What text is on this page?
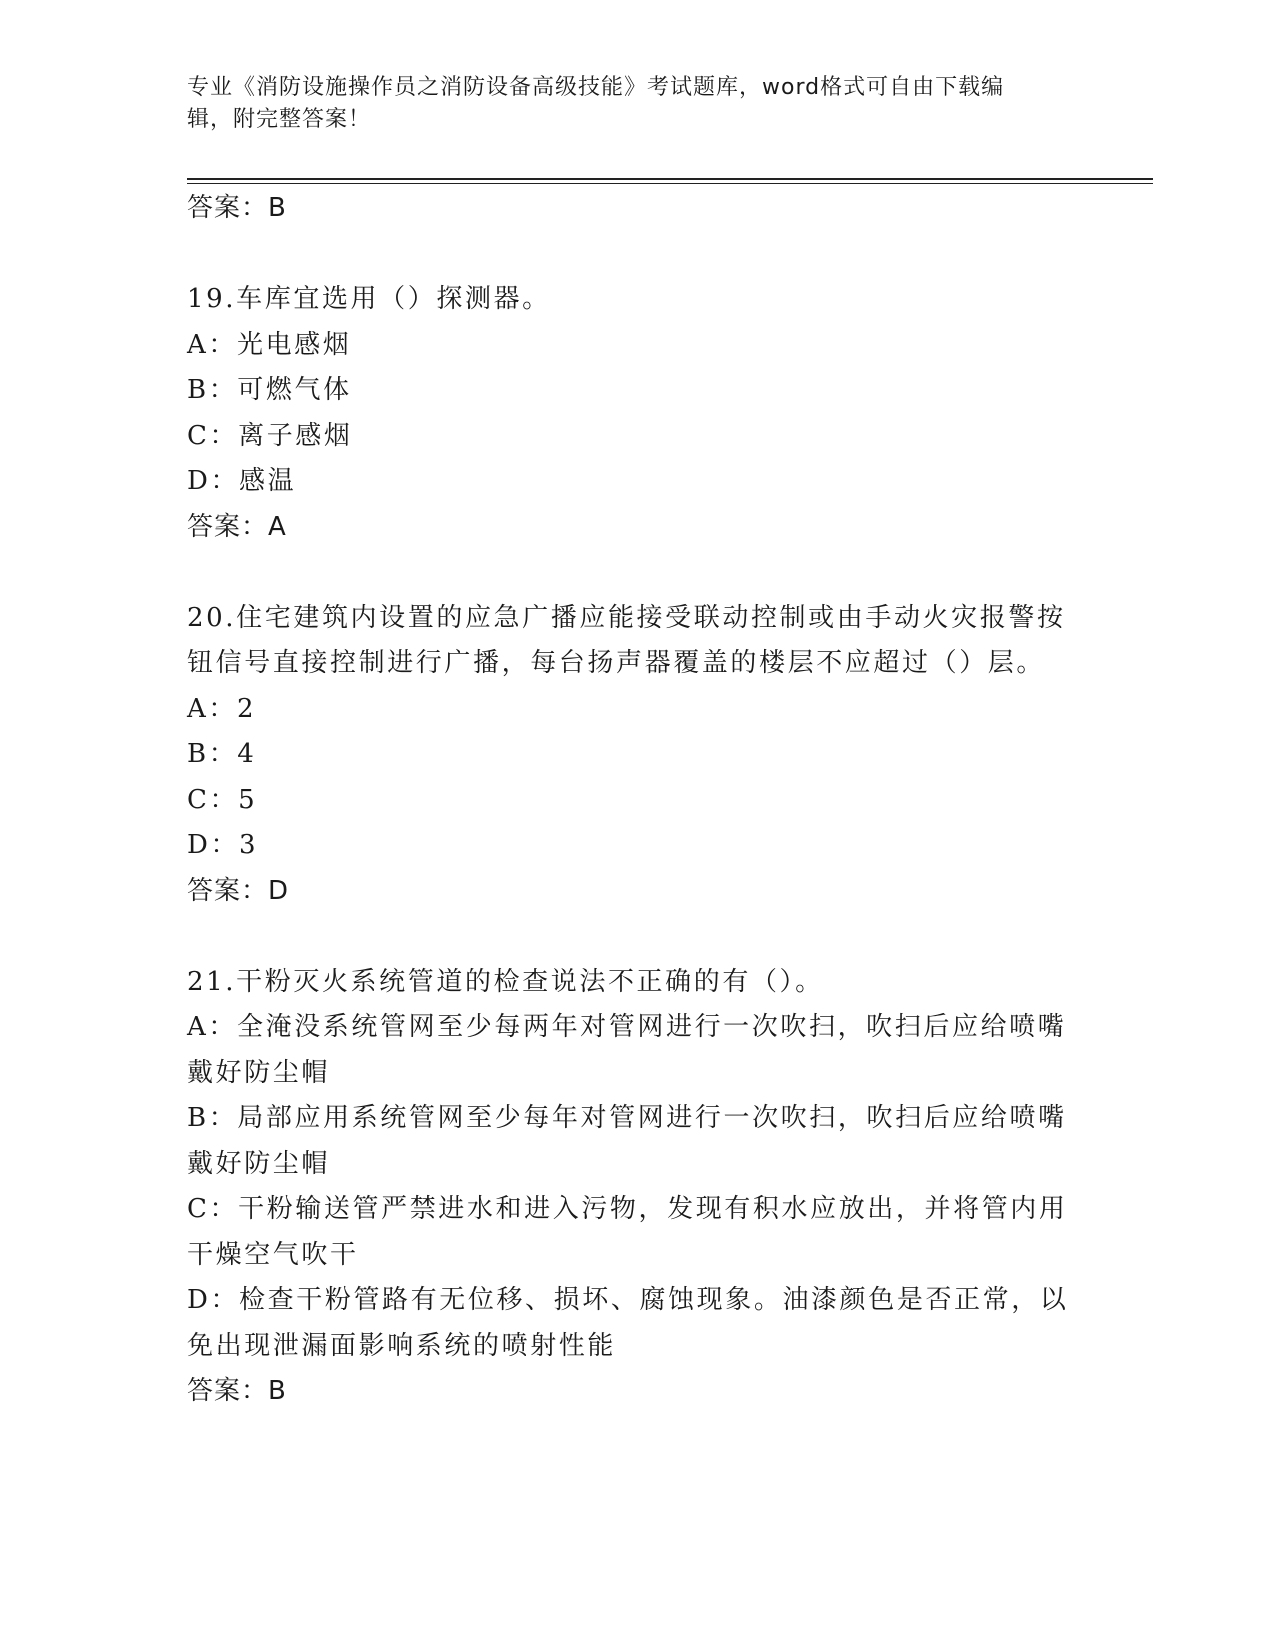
专业《消防设施操作员之消防设备高级技能》考试题库，word格式可自由下载编
辑，附完整答案！
答案：B
19.车库宜选用（）探测器。
A：光电感烟
B：可燃气体
C：离子感烟
D：感温
答案：A
20.住宅建筑内设置的应急广播应能接受联动控制或由手动火灾报警按
钮信号直接控制进行广播，每台扬声器覆盖的楼层不应超过（）层。
A：2
B：4
C：5
D：3
答案：D
21.干粉灭火系统管道的检查说法不正确的有（）。
A：全淹没系统管网至少每两年对管网进行一次吹扫，吹扫后应给喷嘴
戴好防尘帽
B：局部应用系统管网至少每年对管网进行一次吹扫，吹扫后应给喷嘴
戴好防尘帽
C：干粉输送管严禁进水和进入污物，发现有积水应放出，并将管内用
干燥空气吹干
D：检查干粉管路有无位移、损坏、腐蚀现象。油漆颜色是否正常，以
免出现泄漏面影响系统的喷射性能
答案：B
